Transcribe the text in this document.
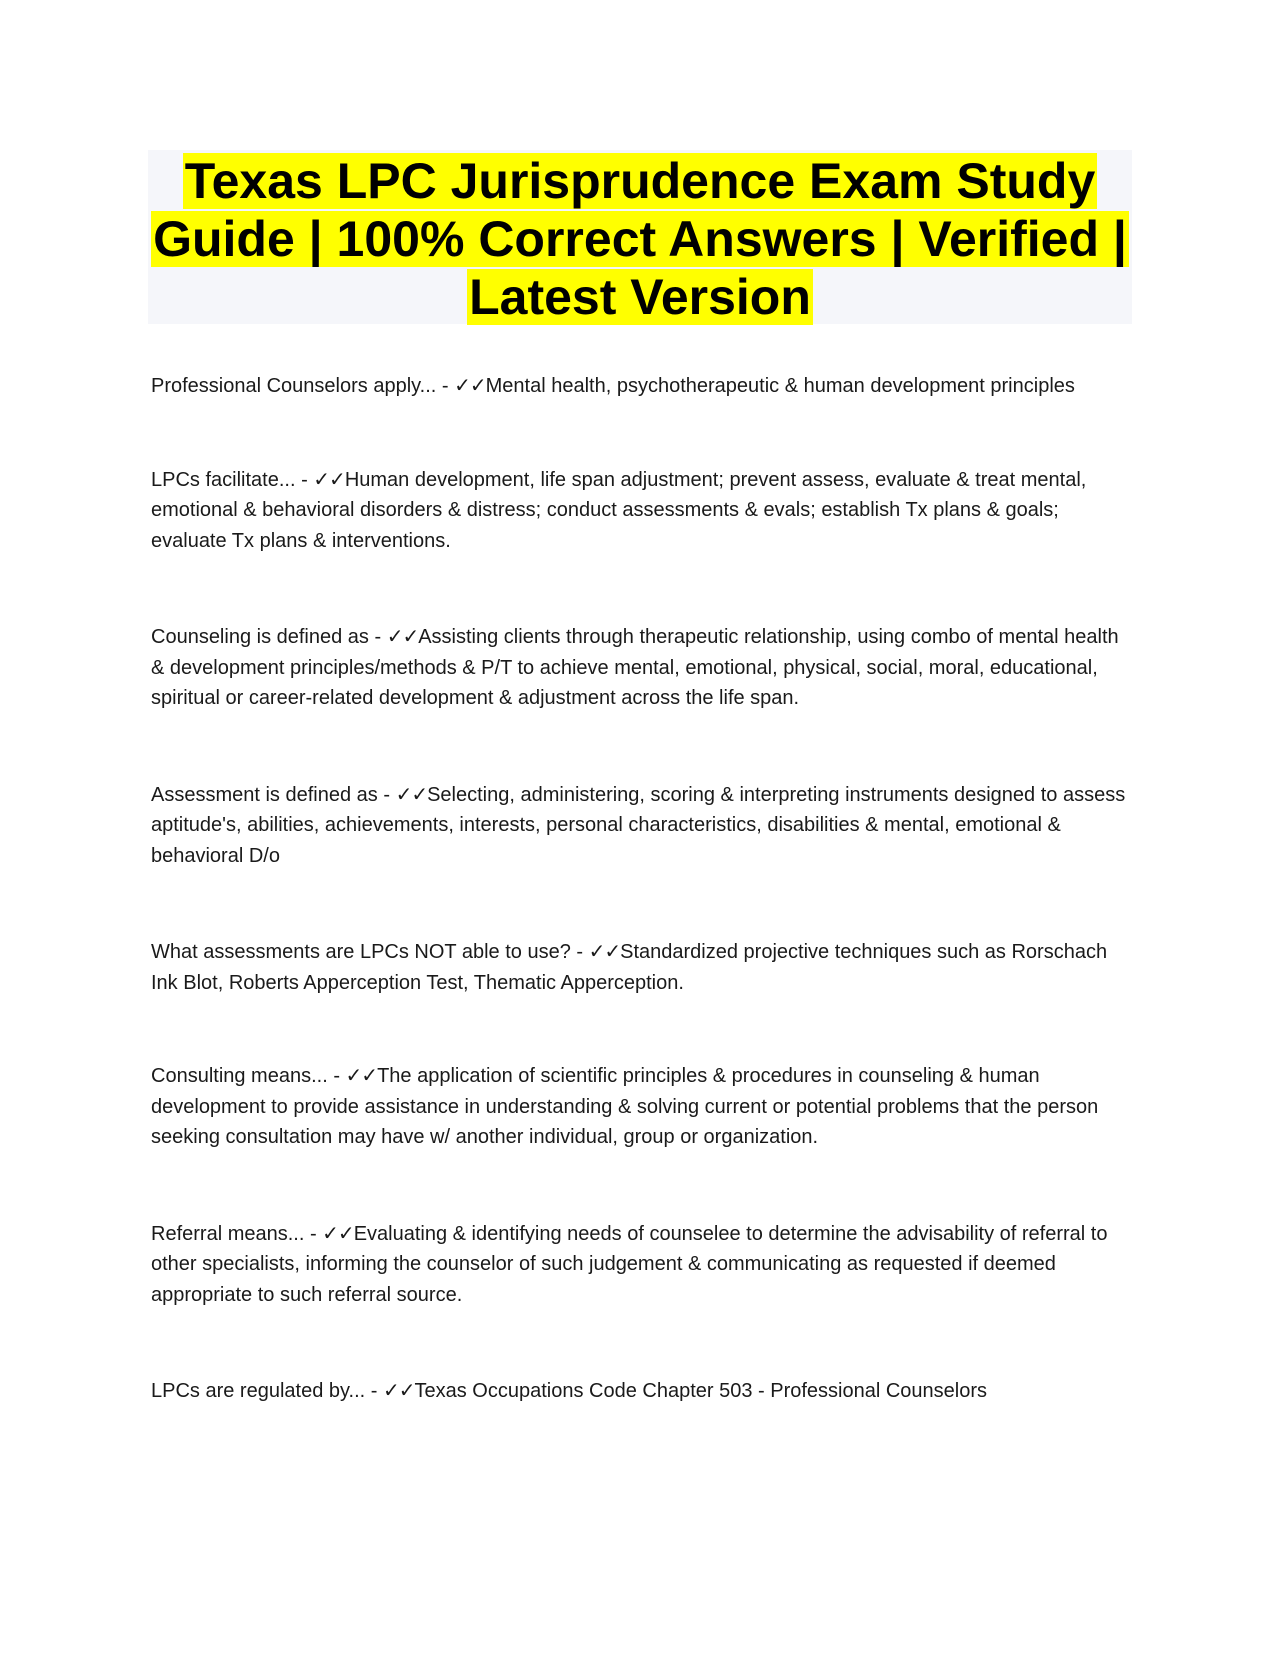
Texas LPC Jurisprudence Exam Study Guide | 100% Correct Answers | Verified | Latest Version
Professional Counselors apply... - ✓✓Mental health, psychotherapeutic & human development principles
LPCs facilitate... - ✓✓Human development, life span adjustment; prevent assess, evaluate & treat mental, emotional & behavioral disorders & distress; conduct assessments & evals; establish Tx plans & goals; evaluate Tx plans & interventions.
Counseling is defined as - ✓✓Assisting clients through therapeutic relationship, using combo of mental health & development principles/methods & P/T to achieve mental, emotional, physical, social, moral, educational, spiritual or career-related development & adjustment across the life span.
Assessment is defined as - ✓✓Selecting, administering, scoring & interpreting instruments designed to assess aptitude's, abilities, achievements, interests, personal characteristics, disabilities & mental, emotional & behavioral D/o
What assessments are LPCs NOT able to use? - ✓✓Standardized projective techniques such as Rorschach Ink Blot, Roberts Apperception Test, Thematic Apperception.
Consulting means... - ✓✓The application of scientific principles & procedures in counseling & human development to provide assistance in understanding & solving current or potential problems that the person seeking consultation may have w/ another individual, group or organization.
Referral means... - ✓✓Evaluating & identifying needs of counselee to determine the advisability of referral to other specialists, informing the counselor of such judgement & communicating as requested if deemed appropriate to such referral source.
LPCs are regulated by... - ✓✓Texas Occupations Code Chapter 503 - Professional Counselors
